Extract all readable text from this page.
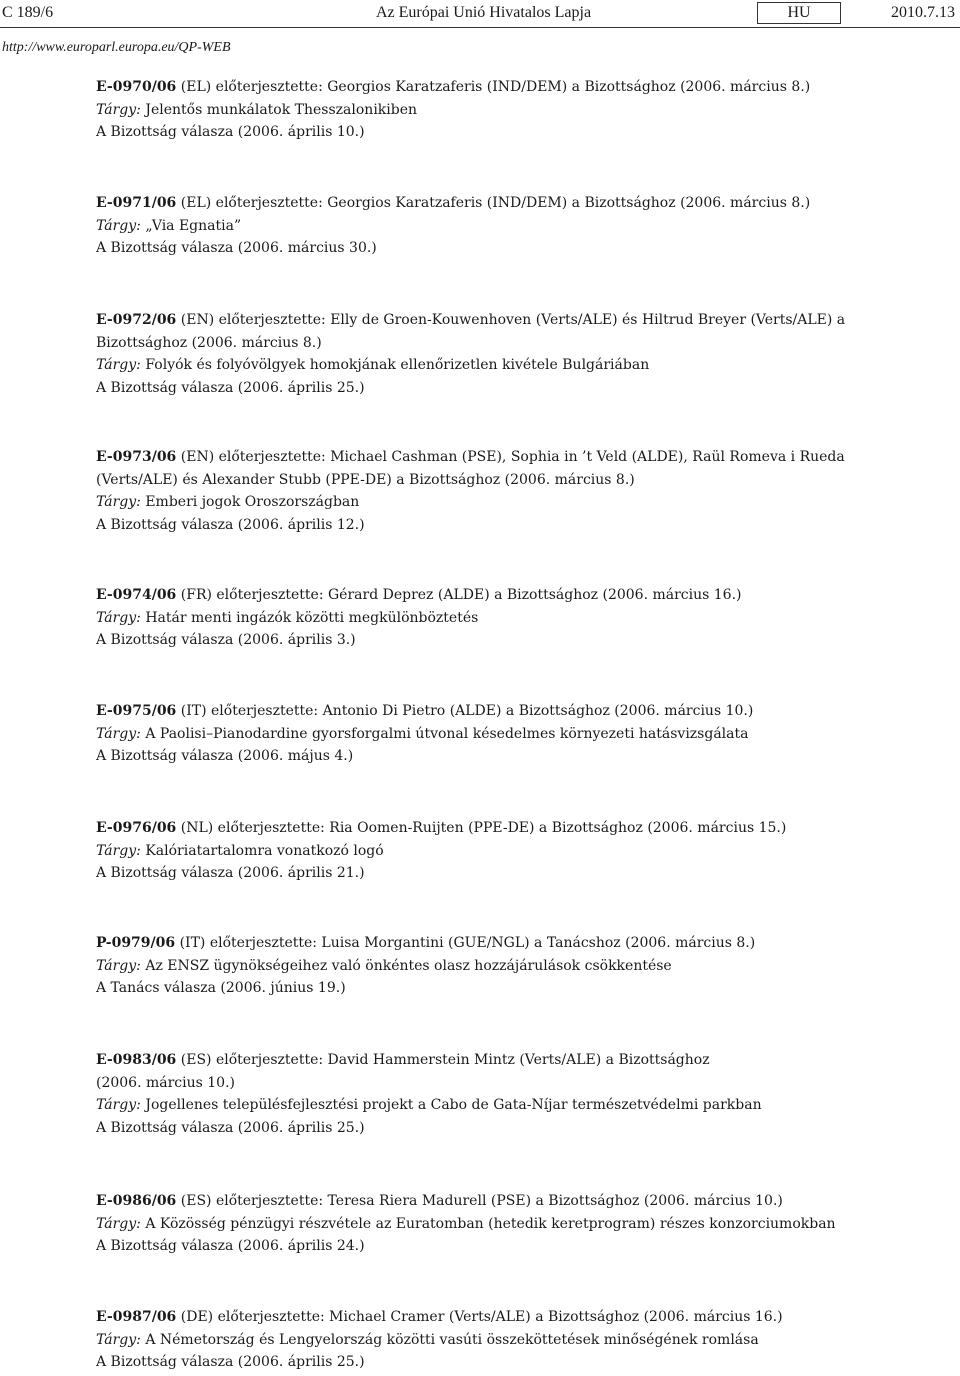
C 189/6	Az Európai Unió Hivatalos Lapja	HU	2010.7.13
http://www.europarl.europa.eu/QP-WEB
E-0970/06 (EL) előterjesztette: Georgios Karatzaferis (IND/DEM) a Bizottsághoz (2006. március 8.)
Tárgy: Jelentős munkálatok Thesszalonikiben
A Bizottság válasza (2006. április 10.)
E-0971/06 (EL) előterjesztette: Georgios Karatzaferis (IND/DEM) a Bizottsághoz (2006. március 8.)
Tárgy: „Via Egnatia”
A Bizottság válasza (2006. március 30.)
E-0972/06 (EN) előterjesztette: Elly de Groen-Kouwenhoven (Verts/ALE) és Hiltrud Breyer (Verts/ALE) a
Bizottsághoz (2006. március 8.)
Tárgy: Folyók és folyóvölgyek homokjának ellenőrizetlen kivétele Bulgáriában
A Bizottság válasza (2006. április 25.)
E-0973/06 (EN) előterjesztette: Michael Cashman (PSE), Sophia in ’t Veld (ALDE), Raül Romeva i Rueda
(Verts/ALE) és Alexander Stubb (PPE-DE) a Bizottsághoz (2006. március 8.)
Tárgy: Emberi jogok Oroszországban
A Bizottság válasza (2006. április 12.)
E-0974/06 (FR) előterjesztette: Gérard Deprez (ALDE) a Bizottsághoz (2006. március 16.)
Tárgy: Határ menti ingázók közötti megkülönböztetés
A Bizottság válasza (2006. április 3.)
E-0975/06 (IT) előterjesztette: Antonio Di Pietro (ALDE) a Bizottsághoz (2006. március 10.)
Tárgy: A Paolisi–Pianodardine gyorsforgalmi útvonal késedelmes környezeti hatásvizsgálata
A Bizottság válasza (2006. május 4.)
E-0976/06 (NL) előterjesztette: Ria Oomen-Ruijten (PPE-DE) a Bizottsághoz (2006. március 15.)
Tárgy: Kalóriatartalomra vonatkozó logó
A Bizottság válasza (2006. április 21.)
P-0979/06 (IT) előterjesztette: Luisa Morgantini (GUE/NGL) a Tanácshoz (2006. március 8.)
Tárgy: Az ENSZ ügynökségeihez való önkéntes olasz hozzájárulások csökkentése
A Tanács válasza (2006. június 19.)
E-0983/06 (ES) előterjesztette: David Hammerstein Mintz (Verts/ALE) a Bizottsághoz
(2006. március 10.)
Tárgy: Jogellenes településfejlesztési projekt a Cabo de Gata-Níjar természetvédelmi parkban
A Bizottság válasza (2006. április 25.)
E-0986/06 (ES) előterjesztette: Teresa Riera Madurell (PSE) a Bizottsághoz (2006. március 10.)
Tárgy: A Közösség pénzügyi részvétele az Euratomban (hetedik keretprogram) részes konzorciumokban
A Bizottság válasza (2006. április 24.)
E-0987/06 (DE) előterjesztette: Michael Cramer (Verts/ALE) a Bizottsághoz (2006. március 16.)
Tárgy: A Németország és Lengyelország közötti vasúti összeköttetések minőségének romlása
A Bizottság válasza (2006. április 25.)
